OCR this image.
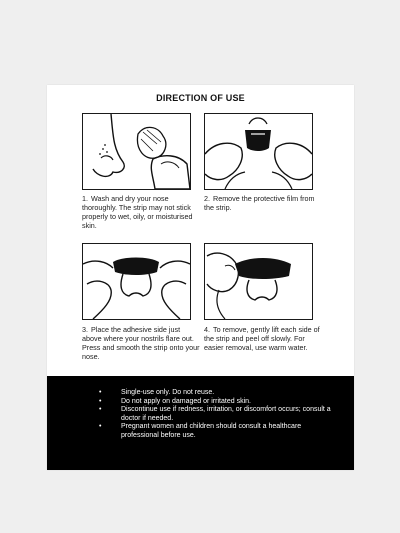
DIRECTION OF USE
1. Wash and dry your nose thoroughly. The strip may not stick properly to wet, oily, or moisturised skin.
2. Remove the protective film from the strip.
3. Place the adhesive side just above where your nostrils flare out. Press and smooth the strip onto your nose.
4. To remove, gently lift each side of the strip and peel off slowly. For easier removal, use warm water.
• Single-use only. Do not reuse.
• Do not apply on damaged or irritated skin.
• Discontinue use if redness, irritation, or discomfort occurs; consult a doctor if needed.
• Pregnant women and children should consult a healthcare professional before use.
